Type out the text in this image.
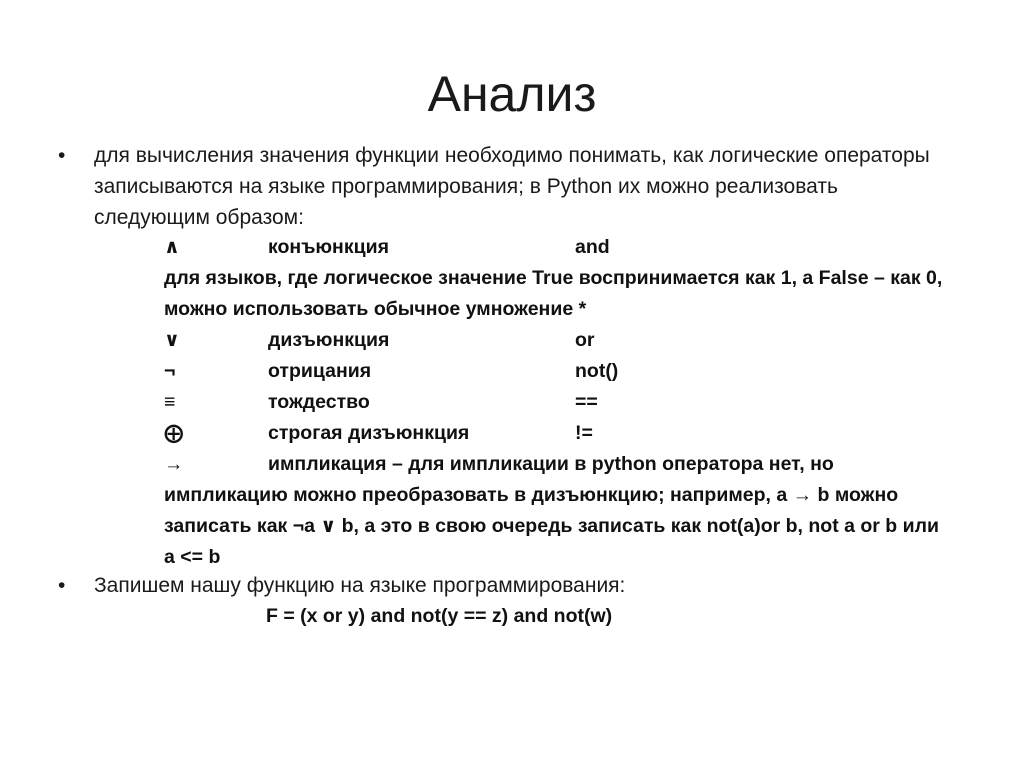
Анализ
• для вычисления значения функции необходимо понимать, как логические операторы записываются на языке программирования; в Python их можно реализовать следующим образом:
∧	конъюнкция	and
для языков, где логическое значение True воспринимается как 1, а False – как 0, можно использовать обычное умножение *
∨	дизъюнкция	or
¬	отрицания	not()
≡	тождество	==
⨁	строгая дизъюнкция	!=
→	импликация – для импликации в python оператора нет, но импликацию можно преобразовать в дизъюнкцию; например, a → b можно записать как ¬a ∨ b, а это в свою очередь записать как not(a)or b, not a or b или a <= b
• Запишем нашу функцию на языке программирования:
F = (x or y) and not(y == z) and not(w)
